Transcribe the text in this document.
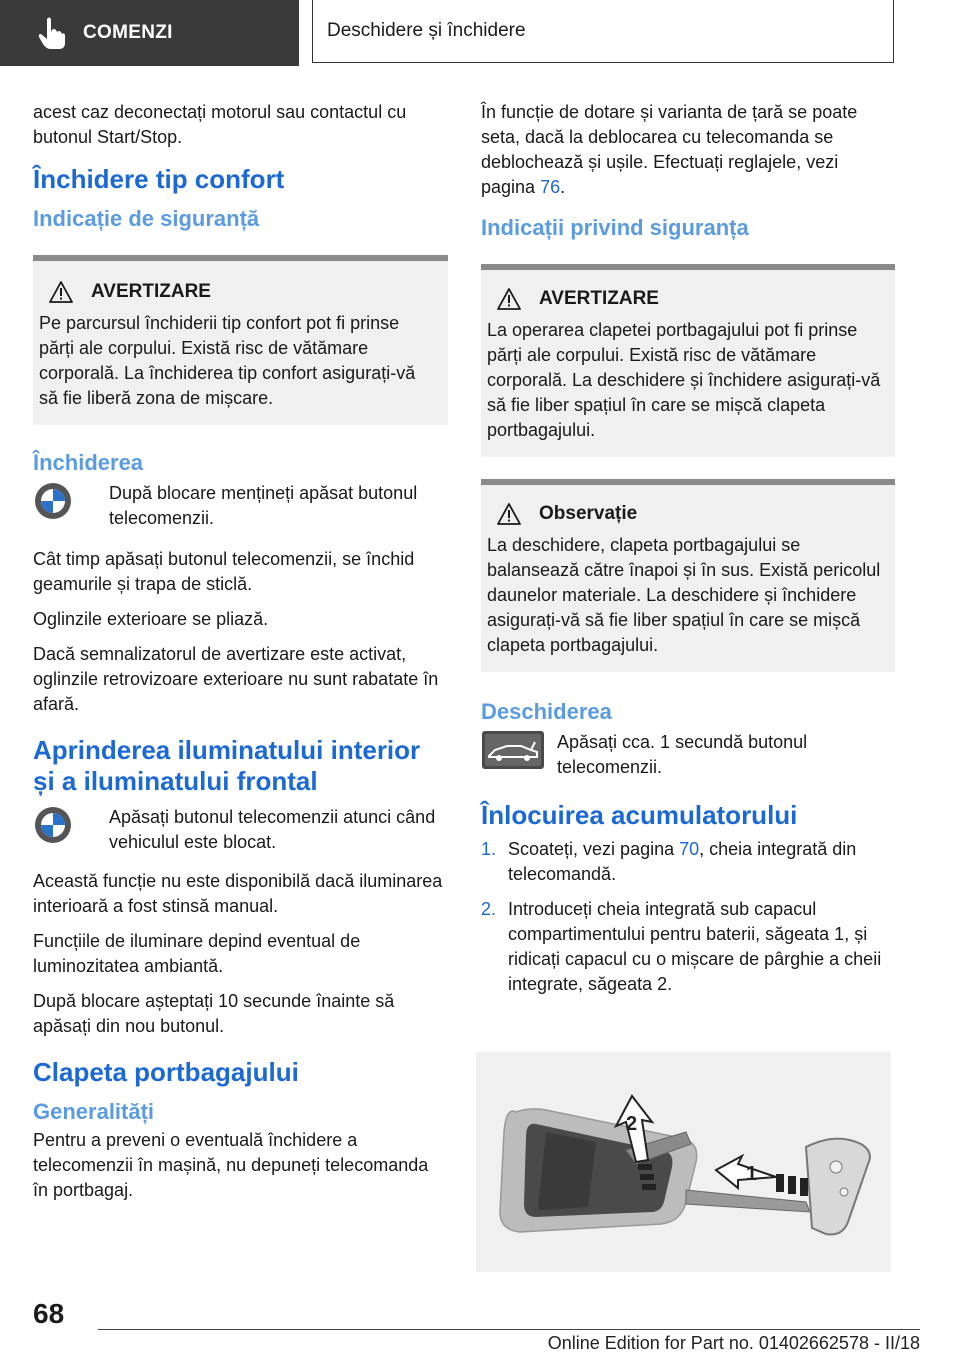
COMENZI	Deschidere și închidere

acest caz deconectați motorul sau contactul cu butonul Start/Stop.

Închidere tip confort
Indicație de siguranță
AVERTIZARE

Pe parcursul închiderii tip confort pot fi prinse părți ale corpului. Există risc de vătămare corporală. La închiderea tip confort asigurați-vă să fie liberă zona de mișcare.

Închiderea
După blocare mențineți apăsat butonul telecomenzii.

Cât timp apăsați butonul telecomenzii, se închid geamurile și trapa de sticlă.

Oglinzile exterioare se pliază.

Dacă semnalizatorul de avertizare este activat, oglinzile retrovizoare exterioare nu sunt rabatate în afară.

Aprinderea iluminatului interior și a iluminatului frontal
Apăsați butonul telecomenzii atunci când vehiculul este blocat.

Această funcție nu este disponibilă dacă iluminarea interioară a fost stinsă manual.

Funcțiile de iluminare depind eventual de luminozitatea ambiantă.

După blocare așteptați 10 secunde înainte să apăsați din nou butonul.

Clapeta portbagajului
Generalități

Pentru a preveni o eventuală închidere a telecomenzii în mașină, nu depuneți telecomanda în portbagaj.

În funcție de dotare și varianta de țară se poate seta, dacă la deblocarea cu telecomanda se deblochează și ușile. Efectuați reglajele, vezi pagina 76.

Indicații privind siguranța
AVERTIZARE

La operarea clapetei portbagajului pot fi prinse părți ale corpului. Există risc de vătămare corporală. La deschidere și închidere asigurați-vă să fie liber spațiul în care se mișcă clapeta portbagajului.

Observație

La deschidere, clapeta portbagajului se balansează către înapoi și în sus. Există pericolul daunelor materiale. La deschidere și închidere asigurați-vă să fie liber spațiul în care se mișcă clapeta portbagajului.

Deschiderea
Apăsați cca. 1 secundă butonul telecomenzii.
Înlocuirea acumulatorului
1. Scoateți, vezi pagina 70, cheia integrată din telecomandă.
2. Introduceți cheia integrată sub capacul compartimentului pentru baterii, săgeata 1, și ridicați capacul cu o mișcare de pârghie a cheii integrate, săgeata 2.
1
2
68
Online Edition for Part no. 01402662578 - II/18
